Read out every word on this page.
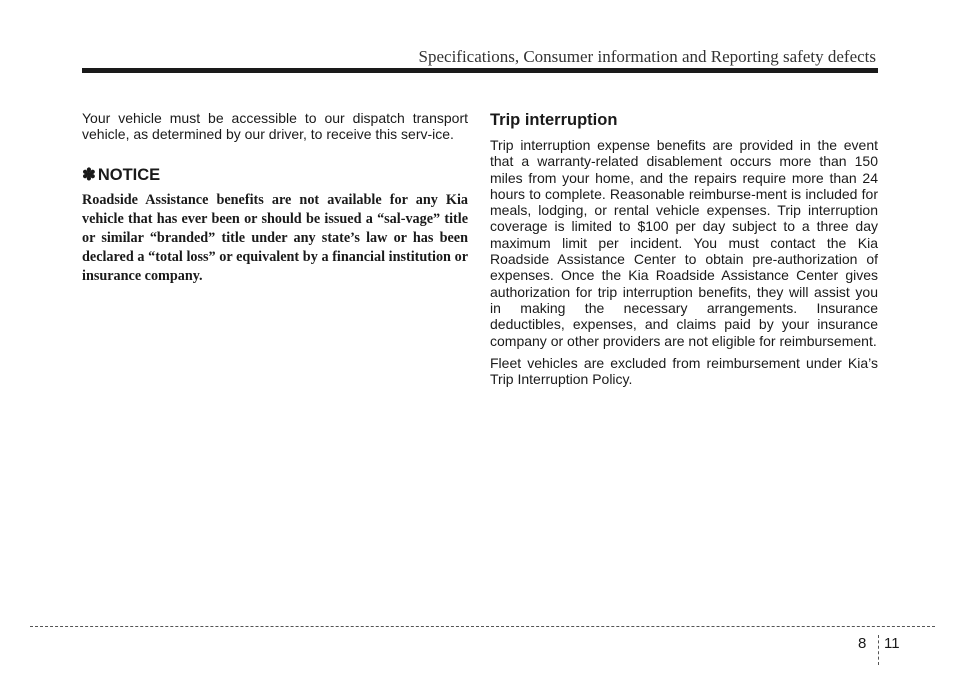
Specifications, Consumer information and Reporting safety defects

Your vehicle must be accessible to our dispatch transport vehicle, as determined by our driver, to receive this serv-ice.

✽ NOTICE

Roadside Assistance benefits are not available for any Kia vehicle that has ever been or should be issued a “sal-vage” title or similar “branded” title under any state’s law or has been declared a “total loss” or equivalent by a financial institution or insurance company.

Trip interruption

Trip interruption expense benefits are provided in the event that a warranty-related disablement occurs more than 150 miles from your home, and the repairs require more than 24 hours to complete. Reasonable reimburse-ment is included for meals, lodging, or rental vehicle expenses. Trip interruption coverage is limited to $100 per day subject to a three day maximum limit per incident. You must contact the Kia Roadside Assistance Center to obtain pre-authorization of expenses. Once the Kia Roadside Assistance Center gives authorization for trip interruption benefits, they will assist you in making the necessary arrangements. Insurance deductibles, expenses, and claims paid by your insurance company or other providers are not eligible for reimbursement.

Fleet vehicles are excluded from reimbursement under Kia’s Trip Interruption Policy.

8 11
